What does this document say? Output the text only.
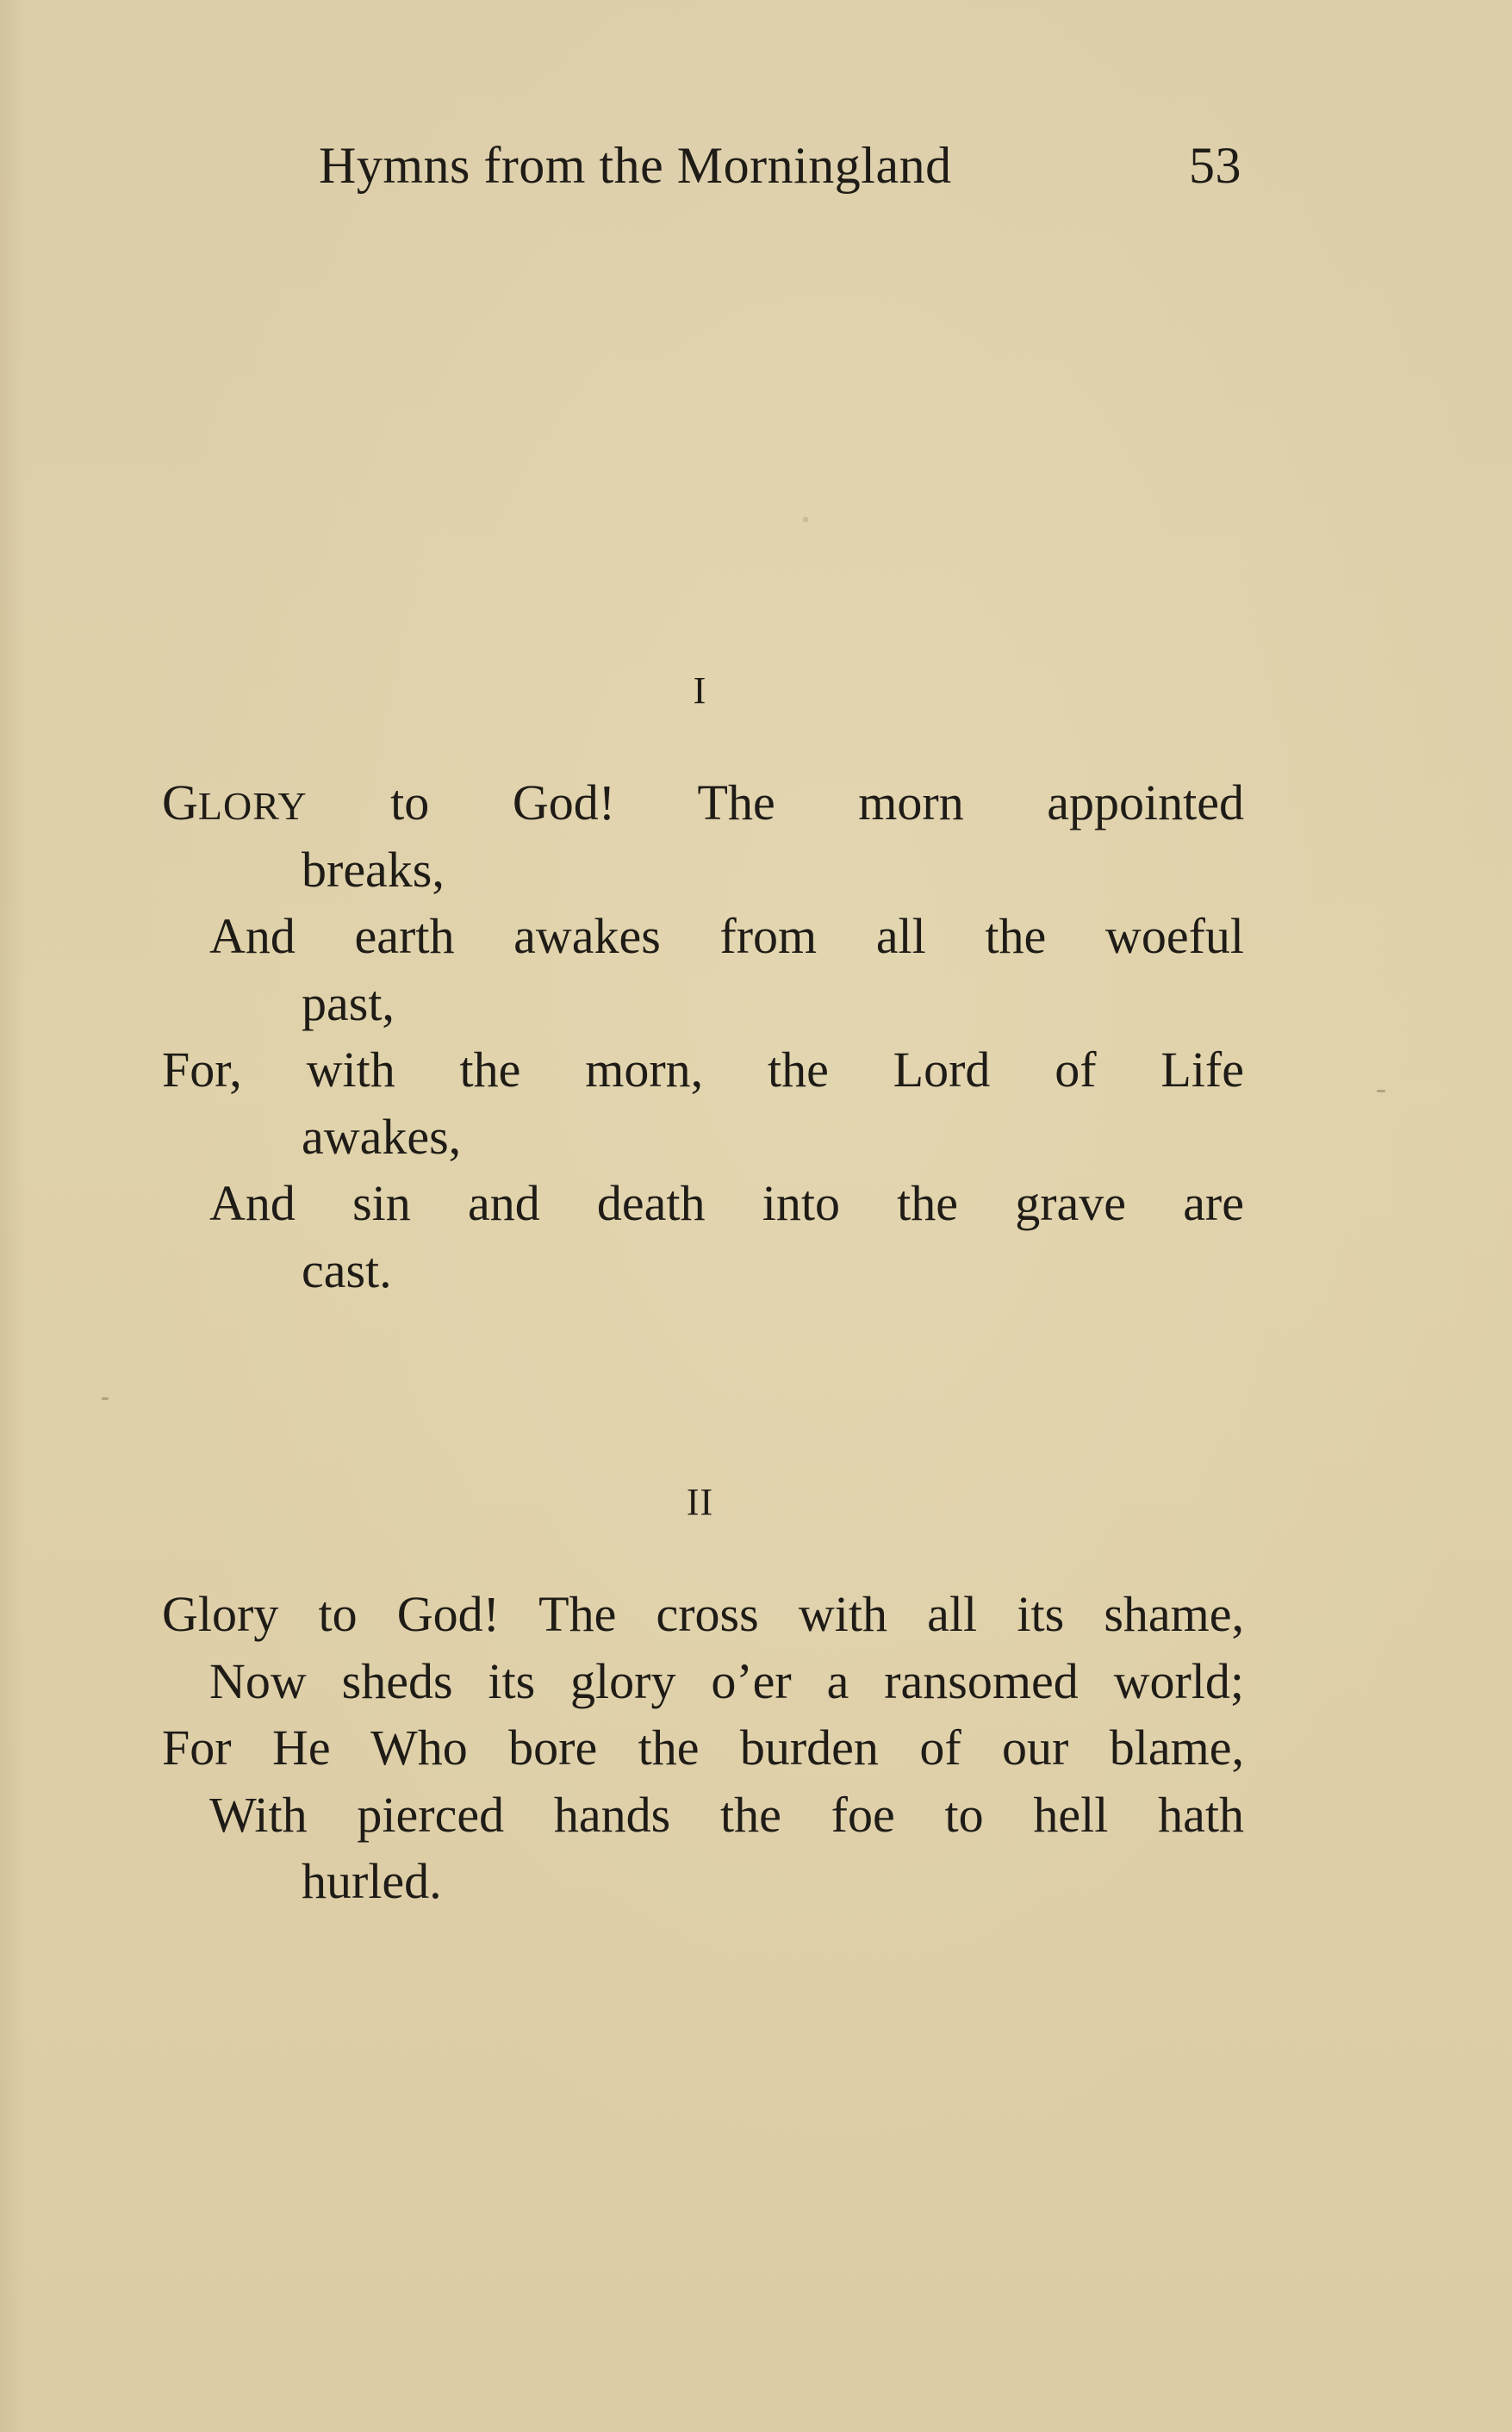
Hymns from the Morningland	53
I
GLORY to God! The morn appointed
breaks,
And earth awakes from all the woeful
past,
For, with the morn, the Lord of Life
awakes,
And sin and death into the grave are
cast.
II
Glory to God! The cross with all its shame,
Now sheds its glory o’er a ransomed world;
For He Who bore the burden of our blame,
With pierced hands the foe to hell hath
hurled.
